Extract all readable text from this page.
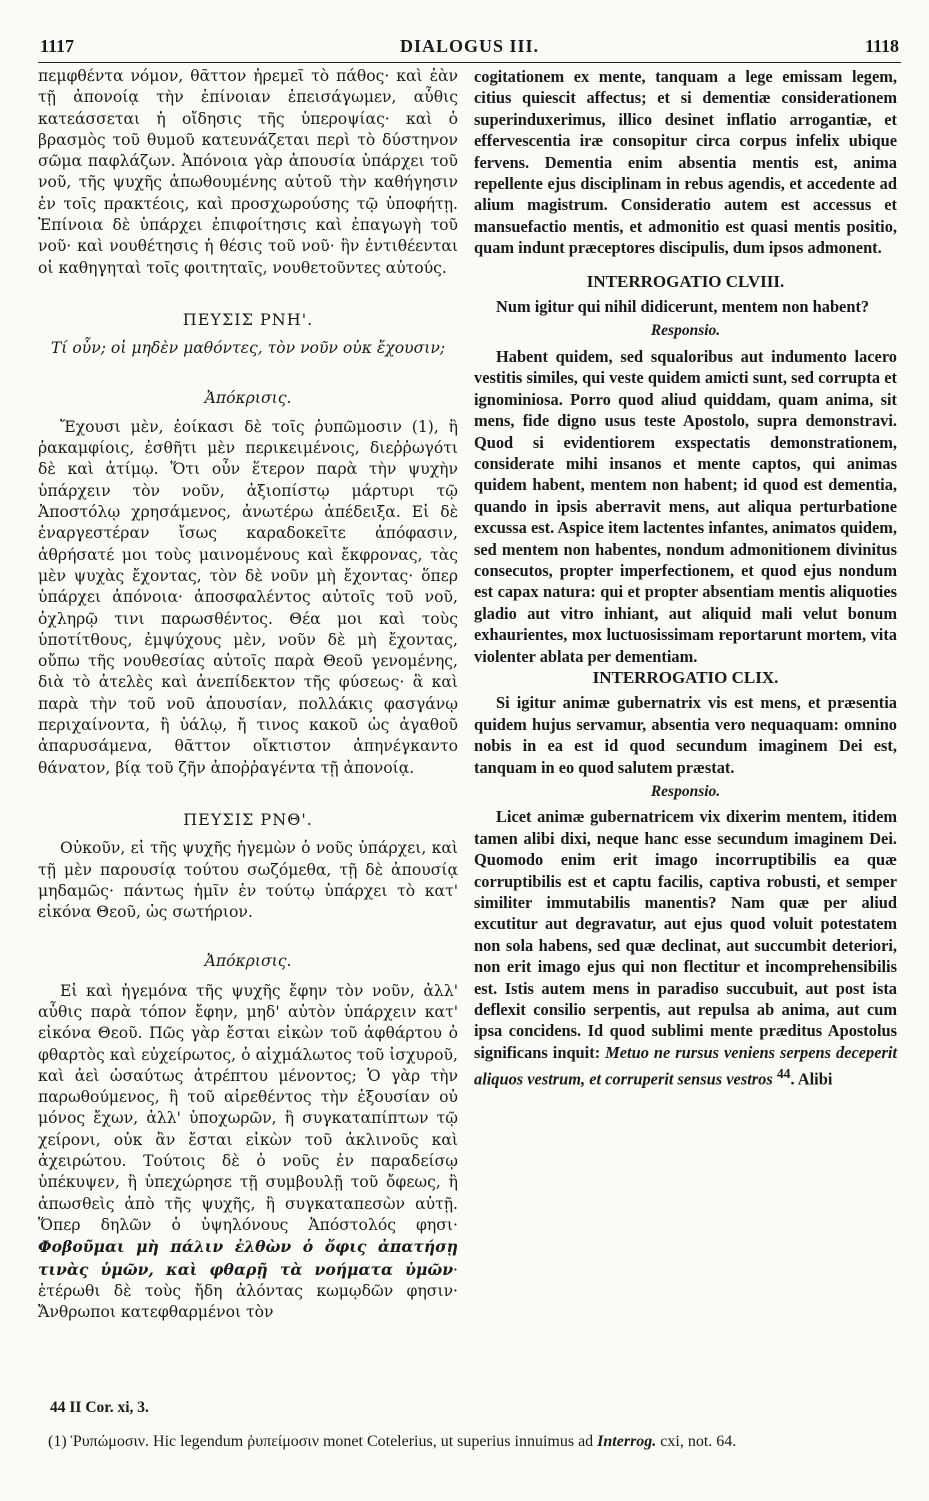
1117	DIALOGUS III.	1118

πεμφθέντα νόμον, θᾶττον ἠρεμεῖ τὸ πάθος· καὶ ἐὰν τῇ ἀπονοίᾳ τὴν ἐπίνοιαν ἐπεισάγωμεν, αὖθις κατεάσσεται ἡ οἴδησις τῆς ὑπεροψίας· καὶ ὁ βρασμὸς τοῦ θυμοῦ κατευνάζεται περὶ τὸ δύστηνον σῶμα παφλάζων. Ἀπόνοια γὰρ ἀπουσία ὑπάρχει τοῦ νοῦ, τῆς ψυχῆς ἀπωθουμένης αὐτοῦ τὴν καθήγησιν ἐν τοῖς πρακτέοις, καὶ προσχωρούσης τῷ ὑποφήτῃ. Ἐπίνοια δὲ ὑπάρχει ἐπιφοίτησις καὶ ἐπαγωγὴ τοῦ νοῦ· καὶ νουθέτησις ἡ θέσις τοῦ νοῦ· ἣν ἐντιθέενται οἱ καθηγηταὶ τοῖς φοιτηταῖς, νουθετοῦντες αὐτούς.

ΠΕΥΣΙΣ ΡΝΗ'.

Τί οὖν; οἱ μηδὲν μαθόντες, τὸν νοῦν οὐκ ἔχουσιν;

Ἀπόκρισις.

Ἔχουσι μὲν, ἐοίκασι δὲ τοῖς ῥυπῶμοσιν (1), ἢ ῥακαμφίοις, ἐσθῆτι μὲν περικειμένοις, διεῤῥωγότι δὲ καὶ ἀτίμῳ. Ὅτι οὖν ἕτερον παρὰ τὴν ψυχὴν ὑπάρχειν τὸν νοῦν, ἀξιοπίστῳ μάρτυρι τῷ Ἀποστόλῳ χρησάμενος, ἀνωτέρω ἀπέδειξα. Εἰ δὲ ἐναργεστέραν ἴσως καραδοκεῖτε ἀπόφασιν, ἀθρήσατέ μοι τοὺς μαινομένους καὶ ἔκφρονας, τὰς μὲν ψυχὰς ἔχοντας, τὸν δὲ νοῦν μὴ ἔχοντας· ὅπερ ὑπάρχει ἀπόνοια· ἀποσφαλέντος αὐτοῖς τοῦ νοῦ, ὀχληρῷ τινι παρωσθέντος. Θέα μοι καὶ τοὺς ὑποτίτθους, ἐμψύχους μὲν, νοῦν δὲ μὴ ἔχοντας, οὔπω τῆς νουθεσίας αὐτοῖς παρὰ Θεοῦ γενομένης, διὰ τὸ ἀτελὲς καὶ ἀνεπίδεκτον τῆς φύσεως· ἃ καὶ παρὰ τὴν τοῦ νοῦ ἀπουσίαν, πολλάκις φασγάνῳ περιχαίνοντα, ἢ ὑάλῳ, ἤ τινος κακοῦ ὡς ἀγαθοῦ ἀπαρυσάμενα, θᾶττον οἴκτιστον ἀπηνέγκαντο θάνατον, βίᾳ τοῦ ζῆν ἀποῤῥαγέντα τῇ ἀπονοίᾳ.

ΠΕΥΣΙΣ ΡΝΘ'.

Οὐκοῦν, εἰ τῆς ψυχῆς ἡγεμὼν ὁ νοῦς ὑπάρχει, καὶ τῇ μὲν παρουσίᾳ τούτου σωζόμεθα, τῇ δὲ ἀπουσίᾳ μηδαμῶς· πάντως ἡμῖν ἐν τούτῳ ὑπάρχει τὸ κατ' εἰκόνα Θεοῦ, ὡς σωτήριον.

Ἀπόκρισις.

Εἰ καὶ ἡγεμόνα τῆς ψυχῆς ἔφην τὸν νοῦν, ἀλλ' αὖθις παρὰ τόπον ἔφην, μηδ' αὐτὸν ὑπάρχειν κατ' εἰκόνα Θεοῦ. Πῶς γὰρ ἔσται εἰκὼν τοῦ ἀφθάρτου ὁ φθαρτὸς καὶ εὐχείρωτος, ὁ αἰχμάλωτος τοῦ ἰσχυροῦ, καὶ ἀεὶ ὡσαύτως ἀτρέπτου μένοντος; Ὁ γὰρ τὴν παρωθούμενος, ἢ τοῦ αἱρεθέντος τὴν ἐξουσίαν οὐ μόνος ἔχων, ἀλλ' ὑποχωρῶν, ἢ συγκαταπίπτων τῷ χείρονι, οὐκ ἂν ἔσται εἰκὼν τοῦ ἀκλινοῦς καὶ ἀχειρώτου. Τούτοις δὲ ὁ νοῦς ἐν παραδείσῳ ὑπέκυψεν, ἢ ὑπεχώρησε τῇ συμβουλῇ τοῦ ὄφεως, ἢ ἀπωσθεὶς ἀπὸ τῆς ψυχῆς, ἢ συγκαταπεσὼν αὐτῇ. Ὅπερ δηλῶν ὁ ὑψηλόνους Ἀπόστολός φησι· Φοβοῦμαι μὴ πάλιν ἐλθὼν ὁ ὄφις ἀπατήσῃ τινὰς ὑμῶν, καὶ φθαρῇ τὰ νοήματα ὑμῶν· ἑτέρωθι δὲ τοὺς ἤδη ἁλόντας κωμῳδῶν φησιν· Ἄνθρωποι κατεφθαρμένοι τὸν

cogitationem ex mente, tanquam a lege emissam legem, citius quiescit affectus; et si dementiæ considerationem superinduxerimus, illico desinet inflatio arrogantiæ, et effervescentia iræ consopitur circa corpus infelix ubique fervens. Dementia enim absentia mentis est, anima repellente ejus disciplinam in rebus agendis, et accedente ad alium magistrum. Consideratio autem est accessus et mansuefactio mentis, et admonitio est quasi mentis positio, quam indunt præceptores discipulis, dum ipsos admonent.

INTERROGATIO CLVIII.

Num igitur qui nihil didicerunt, mentem non habent?

Responsio.

Habent quidem, sed squaloribus aut indumento lacero vestitis similes, qui veste quidem amicti sunt, sed corrupta et ignominiosa. Porro quod aliud quiddam, quam anima, sit mens, fide digno usus teste Apostolo, supra demonstravi. Quod si evidentiorem exspectatis demonstrationem, considerate mihi insanos et mente captos, qui animas quidem habent, mentem non habent; id quod est dementia, quando in ipsis aberravit mens, aut aliqua perturbatione excussa est. Aspice item lactentes infantes, animatos quidem, sed mentem non habentes, nondum admonitionem divinitus consecutos, propter imperfectionem, et quod ejus nondum est capax natura: qui et propter absentiam mentis aliquoties gladio aut vitro inhiant, aut aliquid mali velut bonum exhaurientes, mox luctuosissimam reportarunt mortem, vita violenter ablata per dementiam.

INTERROGATIO CLIX.

Si igitur animæ gubernatrix vis est mens, et præsentia quidem hujus servamur, absentia vero nequaquam: omnino nobis in ea est id quod secundum imaginem Dei est, tanquam in eo quod salutem præstat.

Responsio.

Licet animæ gubernatricem vix dixerim mentem, itidem tamen alibi dixi, neque hanc esse secundum imaginem Dei. Quomodo enim erit imago incorruptibilis ea quæ corruptibilis est et captu facilis, captiva robusti, et semper similiter immutabilis manentis? Nam quæ per aliud excutitur aut degravatur, aut ejus quod voluit potestatem non sola habens, sed quæ declinat, aut succumbit deteriori, non erit imago ejus qui non flectitur et incomprehensibilis est. Istis autem mens in paradiso succubuit, aut post ista deflexit consilio serpentis, aut repulsa ab anima, aut cum ipsa concidens. Id quod sublimi mente præditus Apostolus significans inquit: Metuo ne rursus veniens serpens deceperit aliquos vestrum, et corruperit sensus vestros $^{44}$. Alibi

44 II Cor. xi, 3.
(1) Ῥυπώμοσιν. Hic legendum ῥυπείμοσιν monet Cotelerius, ut superius innuimus ad Interrog. cxi, not. 64.
